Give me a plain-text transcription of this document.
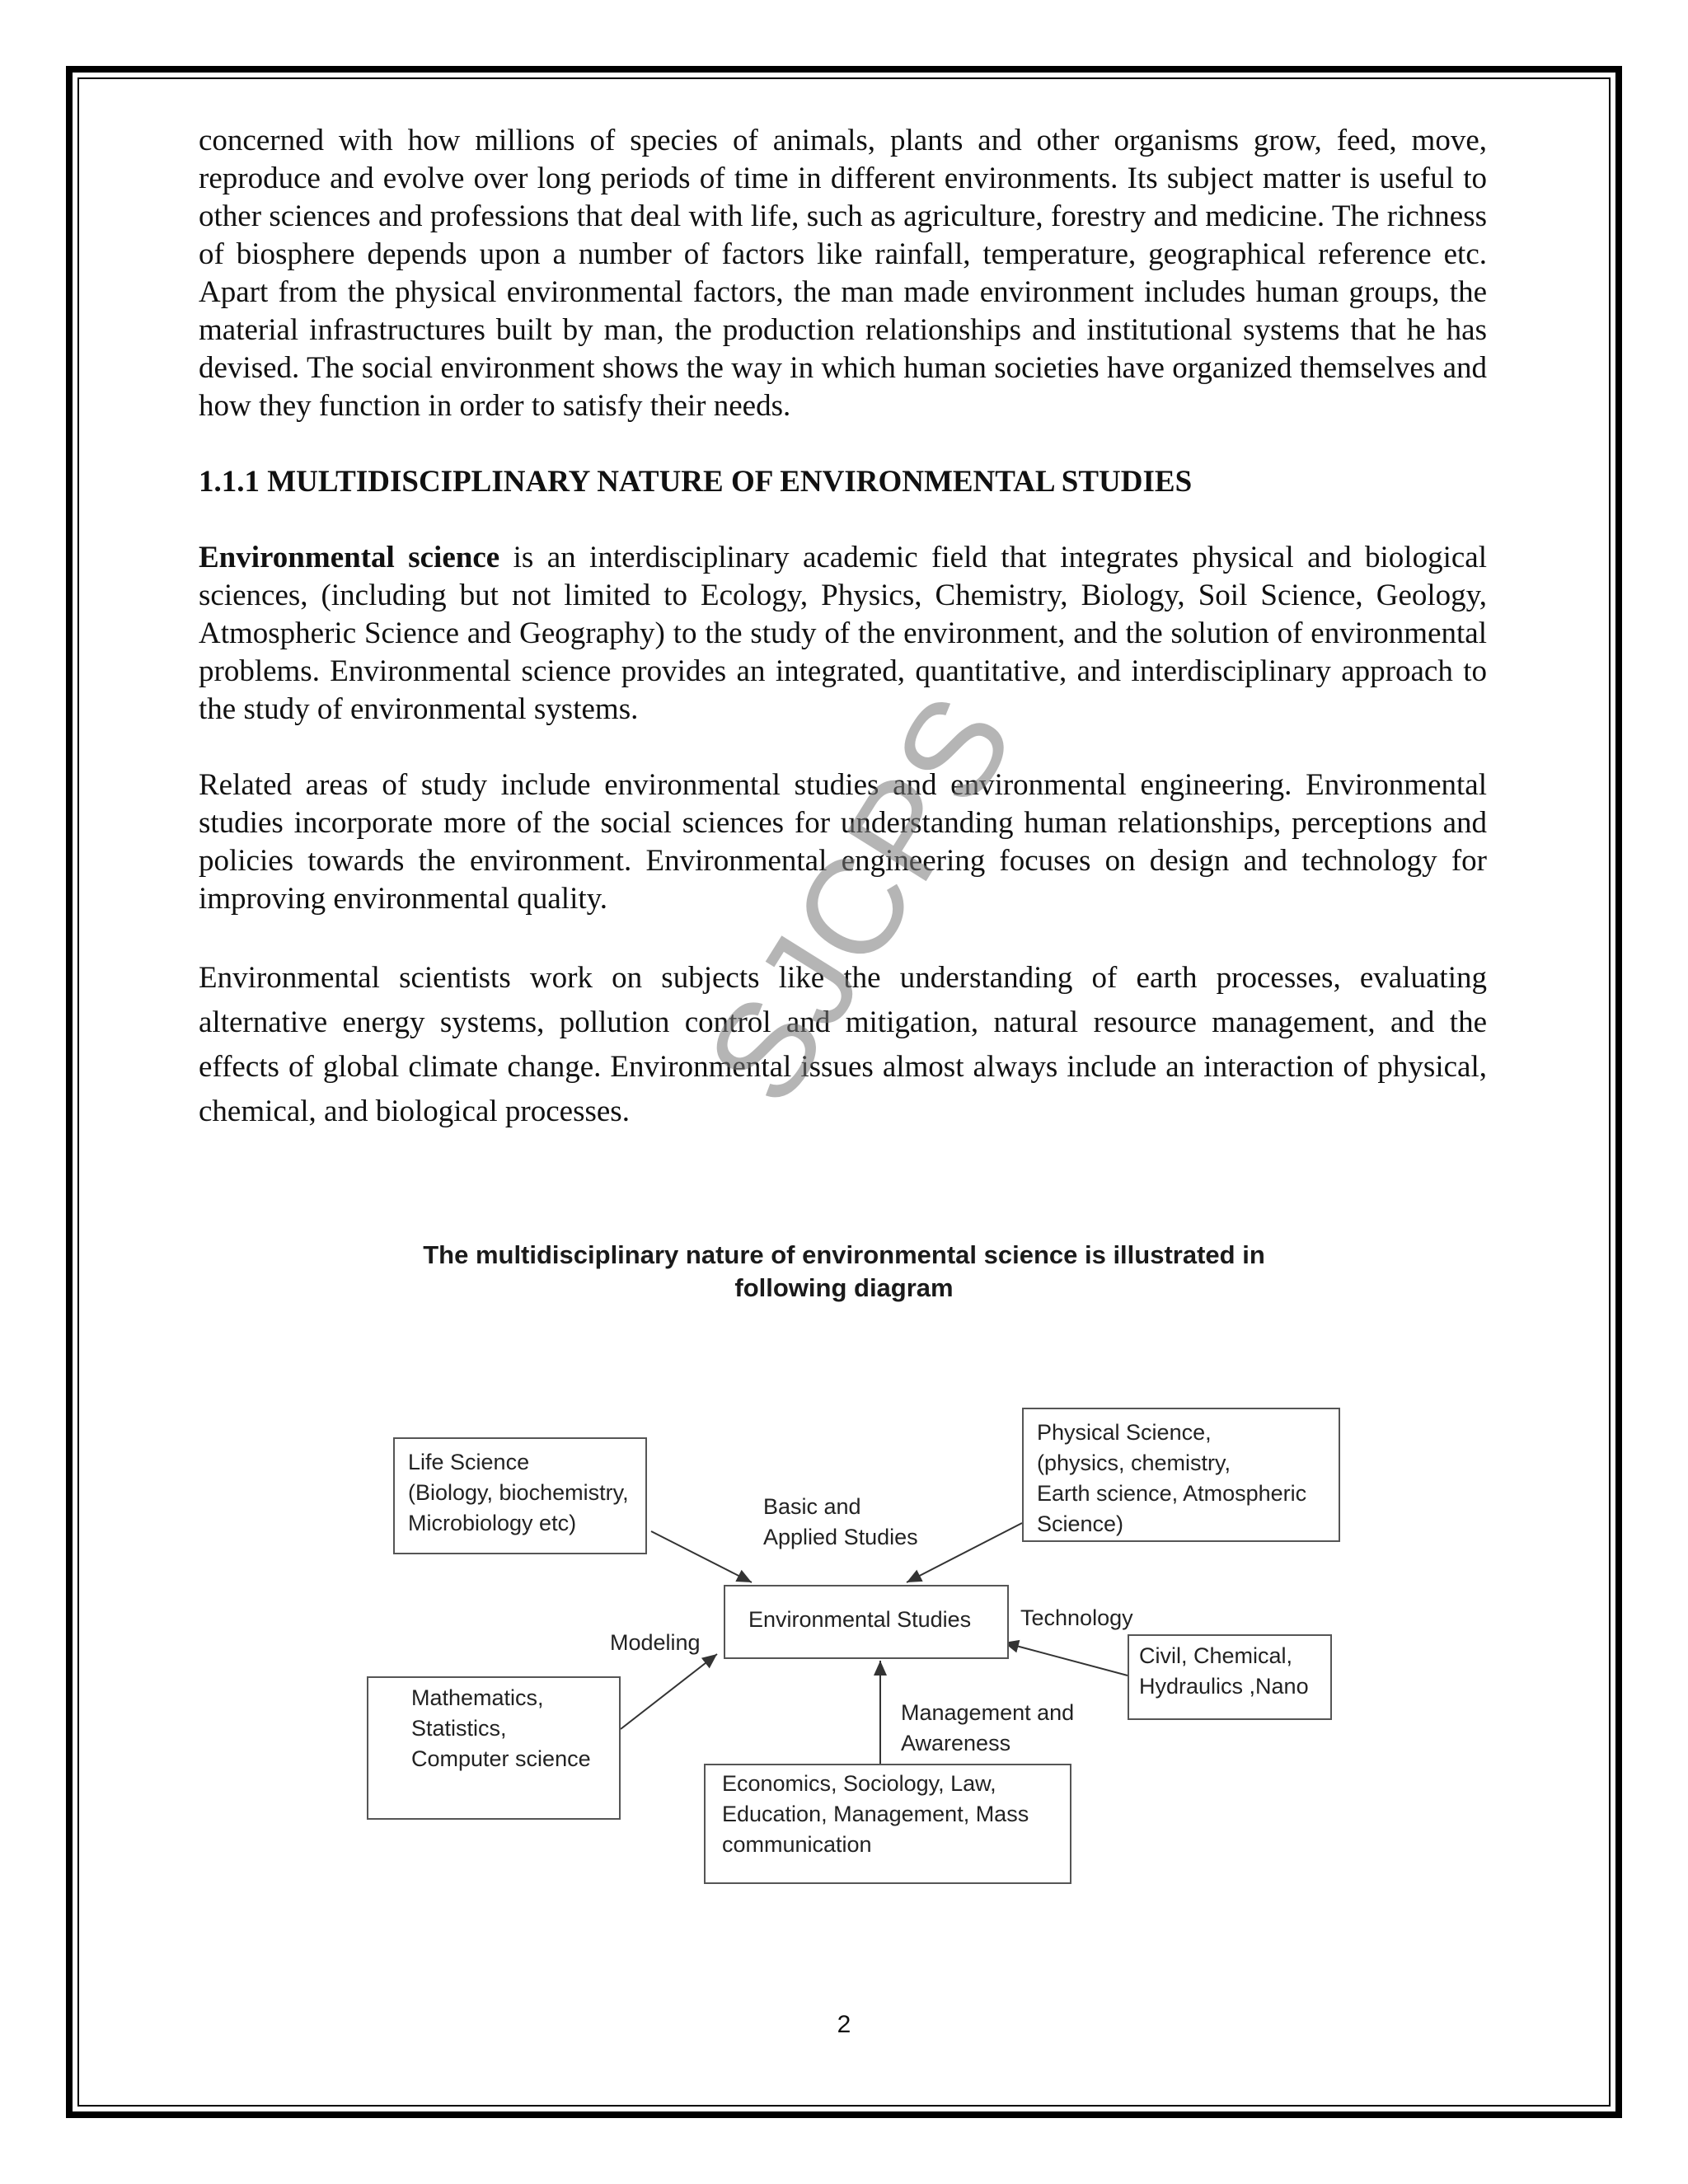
concerned with how millions of species of animals, plants and other organisms grow, feed, move, reproduce and evolve over long periods of time in different environments. Its subject matter is useful to other sciences and professions that deal with life, such as agriculture, forestry and medicine. The richness of biosphere depends upon a number of factors like rainfall, temperature, geographical reference etc. Apart from the physical environmental factors, the man made environment includes human groups, the material infrastructures built by man, the production relationships and institutional systems that he has devised. The social environment shows the way in which human societies have organized themselves and how they function in order to satisfy their needs.

1.1.1 MULTIDISCIPLINARY NATURE OF ENVIRONMENTAL STUDIES

Environmental science is an interdisciplinary academic field that integrates physical and biological sciences, (including but not limited to Ecology, Physics, Chemistry, Biology, Soil Science, Geology, Atmospheric Science and Geography) to the study of the environment, and the solution of environmental problems. Environmental science provides an integrated, quantitative, and interdisciplinary approach to the study of environmental systems.

Related areas of study include environmental studies and environmental engineering. Environmental studies incorporate more of the social sciences for understanding human relationships, perceptions and policies towards the environment. Environmental engineering focuses on design and technology for improving environmental quality.

Environmental scientists work on subjects like the understanding of earth processes, evaluating alternative energy systems, pollution control and mitigation, natural resource management, and the effects of global climate change. Environmental issues almost always include an interaction of physical, chemical, and biological processes. SJCPS
The multidisciplinary nature of environmental science is illustrated in
following diagram
Life Science
(Biology, biochemistry,
Microbiology etc)
Physical Science,
(physics, chemistry,
Earth science, Atmospheric
Science)
Environmental Studies
Mathematics,
Statistics,
Computer science
Civil, Chemical,
Hydraulics ,Nano
Economics, Sociology, Law,
Education, Management, Mass
communication
Basic and
Applied Studies
Modeling
Technology
Management and
Awareness
2
